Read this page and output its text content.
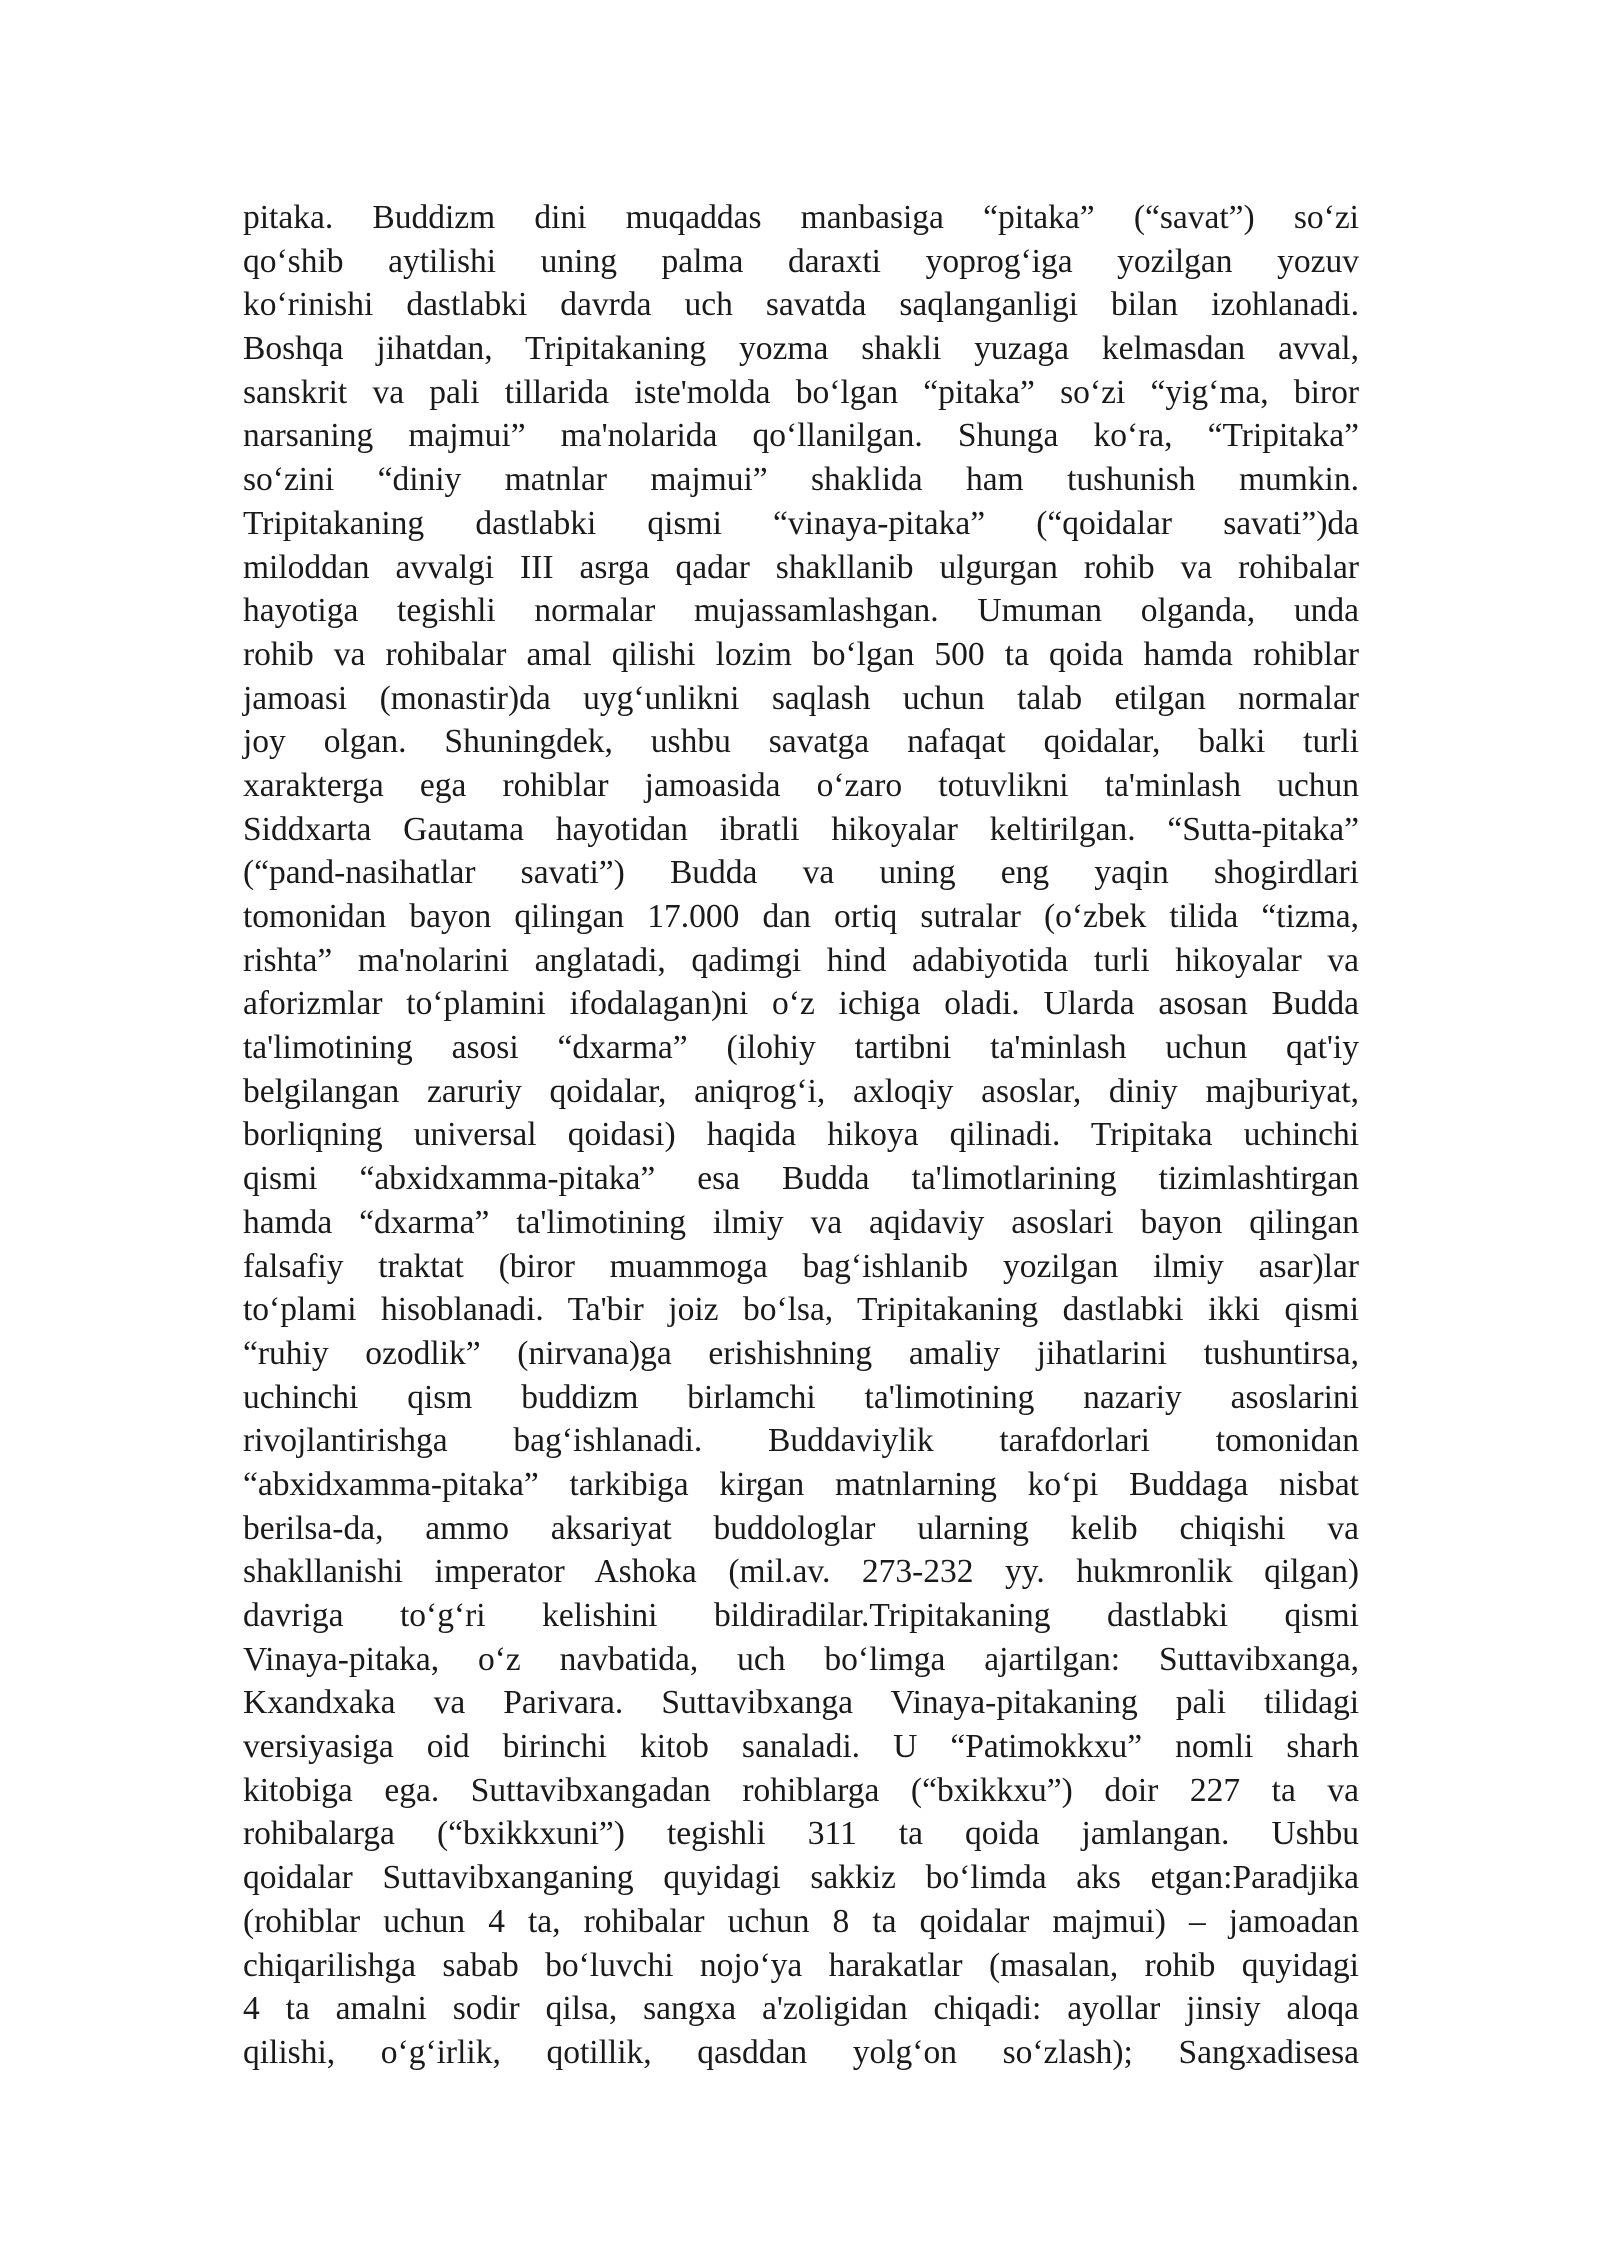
pitaka. Buddizm dini muqaddas manbasiga “pitaka” (“savat”) so‘zi
qo‘shib aytilishi uning palma daraxti yoprog‘iga yozilgan yozuv
ko‘rinishi dastlabki davrda uch savatda saqlanganligi bilan izohlanadi.
Boshqa jihatdan, Tripitakaning yozma shakli yuzaga kelmasdan avval,
sanskrit va pali tillarida iste'molda bo‘lgan “pitaka” so‘zi “yig‘ma, biror
narsaning majmui” ma'nolarida qo‘llanilgan. Shunga ko‘ra, “Tripitaka”
so‘zini “diniy matnlar majmui” shaklida ham tushunish mumkin.
Tripitakaning dastlabki qismi “vinaya-pitaka” (“qoidalar savati”)da
miloddan avvalgi III asrga qadar shakllanib ulgurgan rohib va rohibalar
hayotiga tegishli normalar mujassamlashgan. Umuman olganda, unda
rohib va rohibalar amal qilishi lozim bo‘lgan 500 ta qoida hamda rohiblar
jamoasi (monastir)da uyg‘unlikni saqlash uchun talab etilgan normalar
joy olgan. Shuningdek, ushbu savatga nafaqat qoidalar, balki turli
xarakterga ega rohiblar jamoasida o‘zaro totuvlikni ta'minlash uchun
Siddxarta Gautama hayotidan ibratli hikoyalar keltirilgan. “Sutta-pitaka”
(“pand-nasihatlar savati”) Budda va uning eng yaqin shogirdlari
tomonidan bayon qilingan 17.000 dan ortiq sutralar (o‘zbek tilida “tizma,
rishta” ma'nolarini anglatadi, qadimgi hind adabiyotida turli hikoyalar va
aforizmlar to‘plamini ifodalagan)ni o‘z ichiga oladi. Ularda asosan Budda
ta'limotining asosi “dxarma” (ilohiy tartibni ta'minlash uchun qat'iy
belgilangan zaruriy qoidalar, aniqrog‘i, axloqiy asoslar, diniy majburiyat,
borliqning universal qoidasi) haqida hikoya qilinadi. Tripitaka uchinchi
qismi “abxidxamma-pitaka” esa Budda ta'limotlarining tizimlashtirgan
hamda “dxarma” ta'limotining ilmiy va aqidaviy asoslari bayon qilingan
falsafiy traktat (biror muammoga bag‘ishlanib yozilgan ilmiy asar)lar
to‘plami hisoblanadi. Ta'bir joiz bo‘lsa, Tripitakaning dastlabki ikki qismi
“ruhiy ozodlik” (nirvana)ga erishishning amaliy jihatlarini tushuntirsa,
uchinchi qism buddizm birlamchi ta'limotining nazariy asoslarini
rivojlantirishga bag‘ishlanadi. Buddaviylik tarafdorlari tomonidan
“abxidxamma-pitaka” tarkibiga kirgan matnlarning ko‘pi Buddaga nisbat
berilsa-da, ammo aksariyat buddologlar ularning kelib chiqishi va
shakllanishi imperator Ashoka (mil.av. 273-232 yy. hukmronlik qilgan)
davriga to‘g‘ri kelishini bildiradilar.Tripitakaning dastlabki qismi
Vinaya-pitaka, o‘z navbatida, uch bo‘limga ajartilgan: Suttavibxanga,
Kxandxaka va Parivara. Suttavibxanga Vinaya-pitakaning pali tilidagi
versiyasiga oid birinchi kitob sanaladi. U “Patimokkxu” nomli sharh
kitobiga ega. Suttavibxangadan rohiblarga (“bxikkxu”) doir 227 ta va
rohibalarga (“bxikkxuni”) tegishli 311 ta qoida jamlangan. Ushbu
qoidalar Suttavibxanganing quyidagi sakkiz bo‘limda aks etgan:Paradjika
(rohiblar uchun 4 ta, rohibalar uchun 8 ta qoidalar majmui) – jamoadan
chiqarilishga sabab bo‘luvchi nojo‘ya harakatlar (masalan, rohib quyidagi
4 ta amalni sodir qilsa, sangxa a'zoligidan chiqadi: ayollar jinsiy aloqa
qilishi, o‘g‘irlik, qotillik, qasddan yolg‘on so‘zlash); Sangxadisesa
